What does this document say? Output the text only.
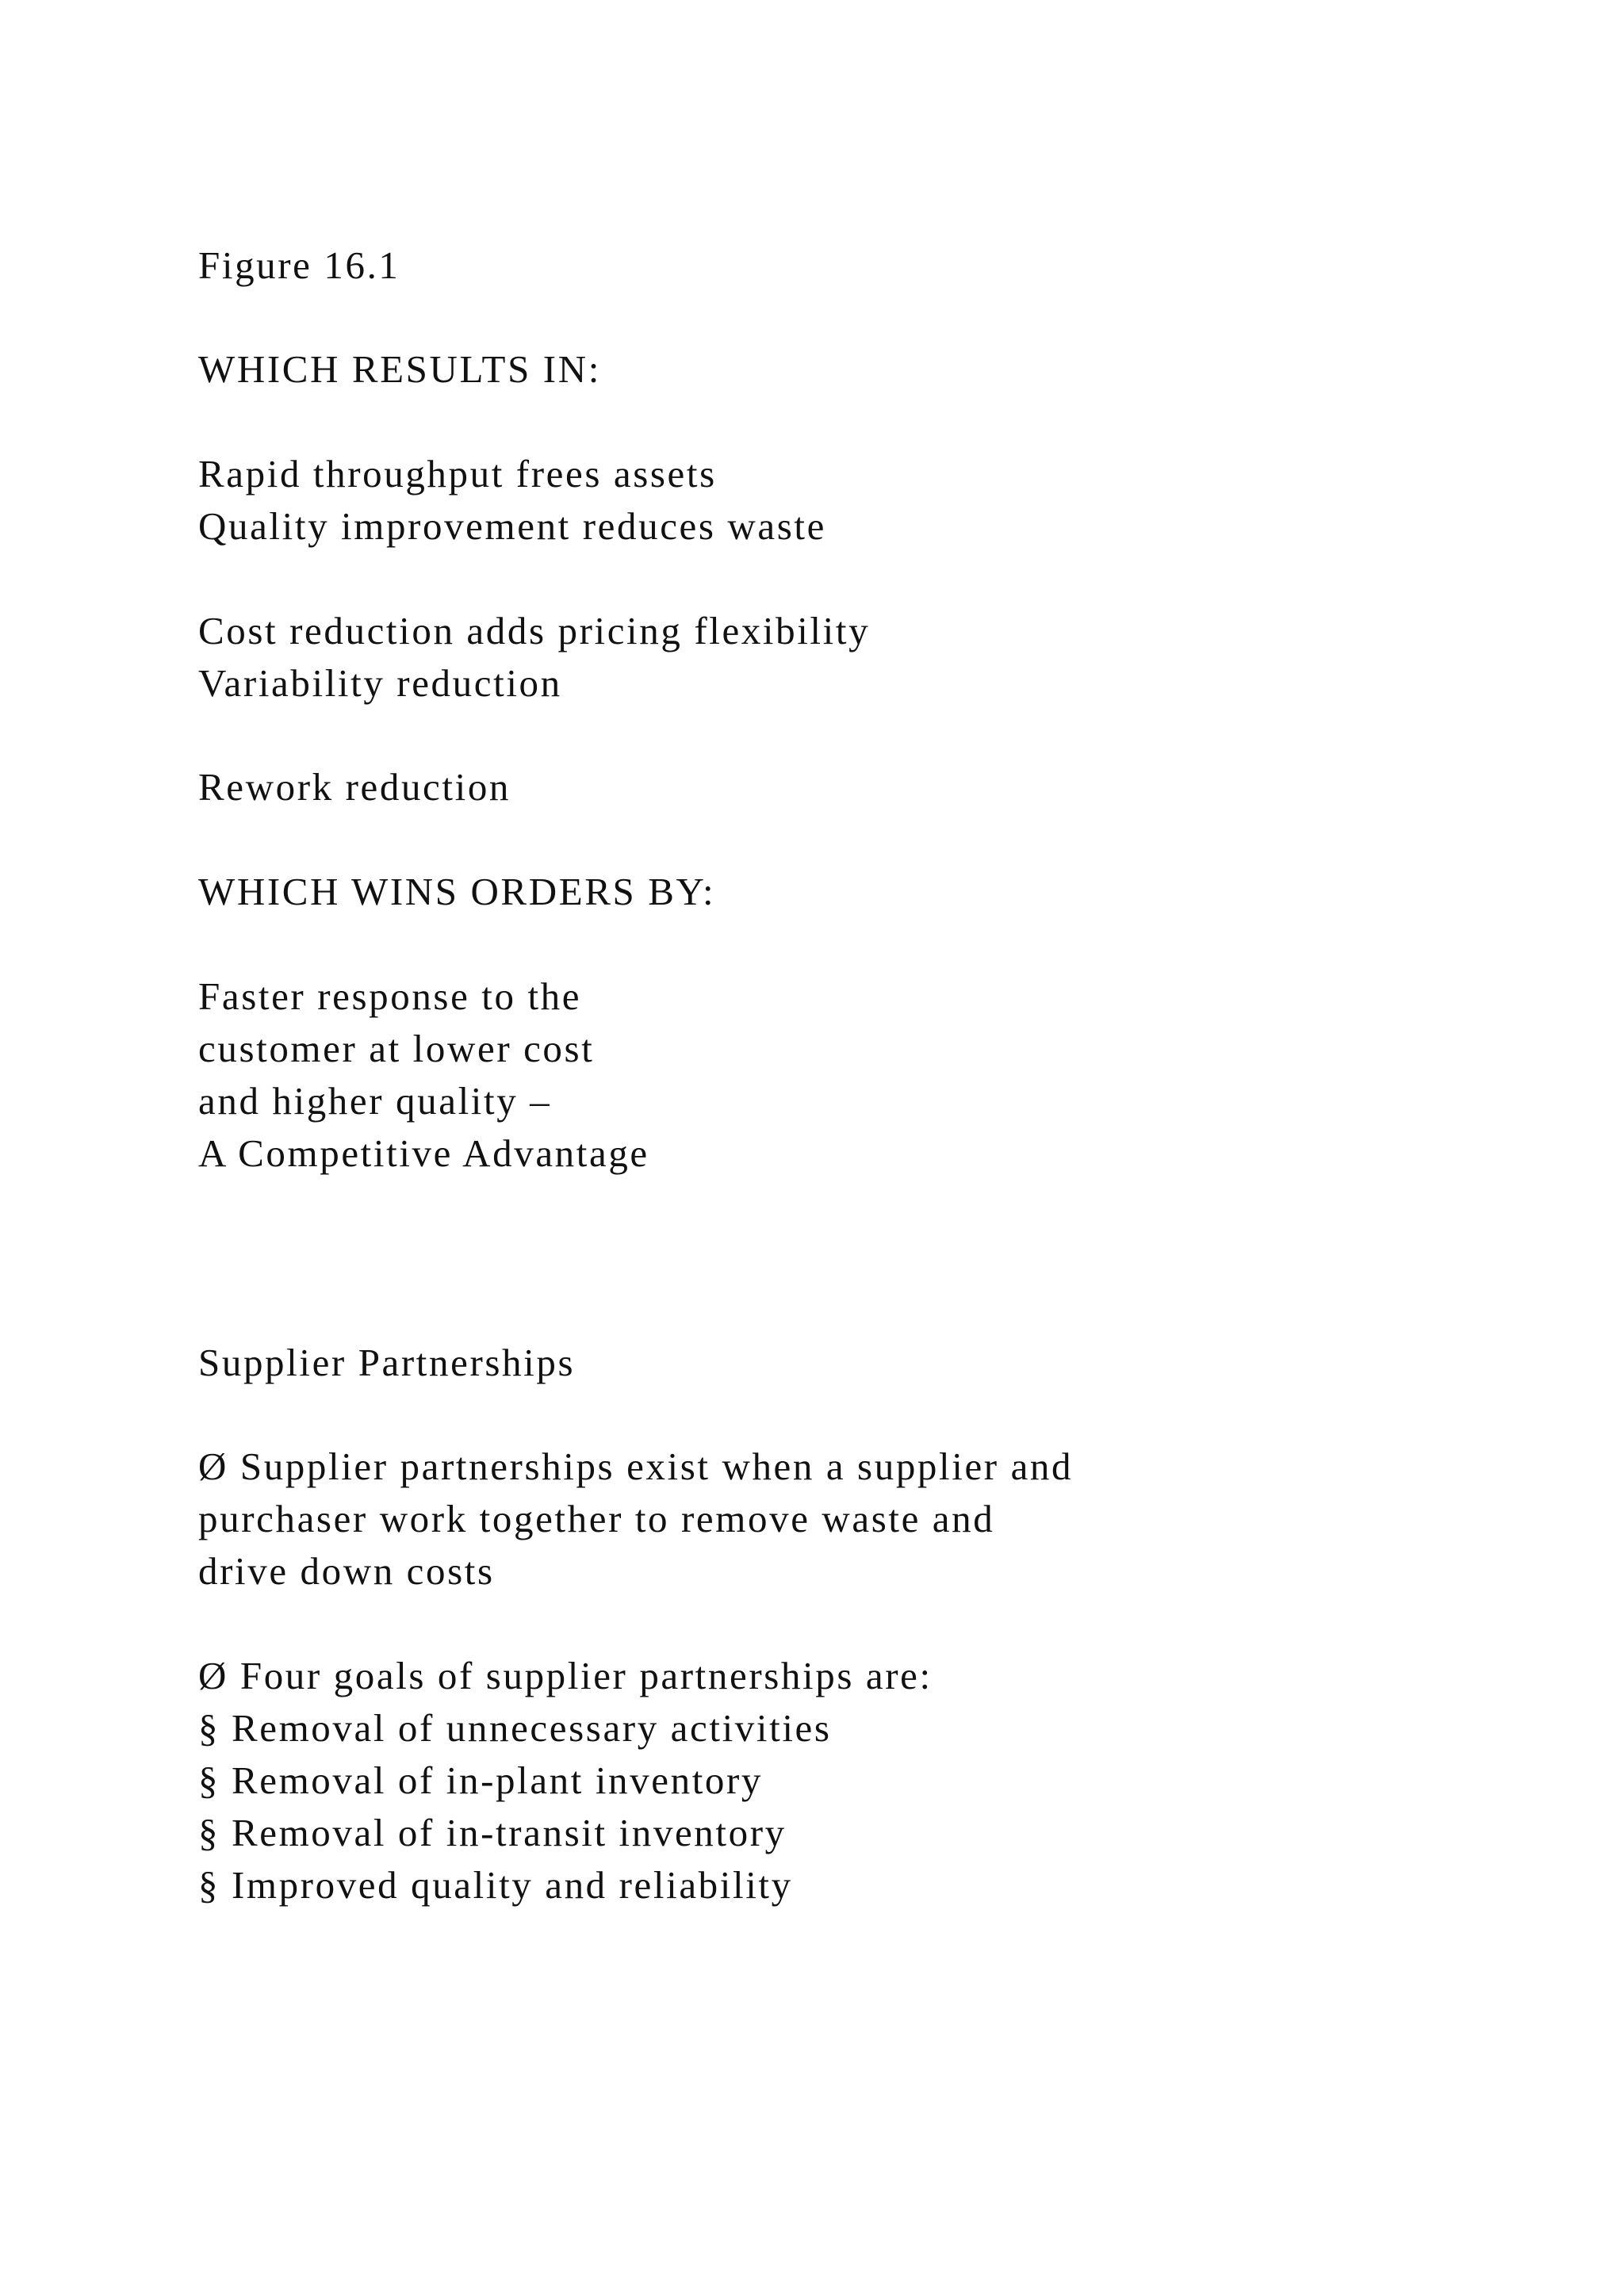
Figure 16.1
WHICH RESULTS IN:
Rapid throughput frees assets
Quality improvement reduces waste
Cost reduction adds pricing flexibility
Variability reduction
Rework reduction
WHICH WINS ORDERS BY:
Faster response to the
customer at lower cost
and higher quality –
A Competitive Advantage
Supplier Partnerships
Ø Supplier partnerships exist when a supplier and
purchaser work together to remove waste and
drive down costs
Ø Four goals of supplier partnerships are:
§ Removal of unnecessary activities
§ Removal of in-plant inventory
§ Removal of in-transit inventory
§ Improved quality and reliability
